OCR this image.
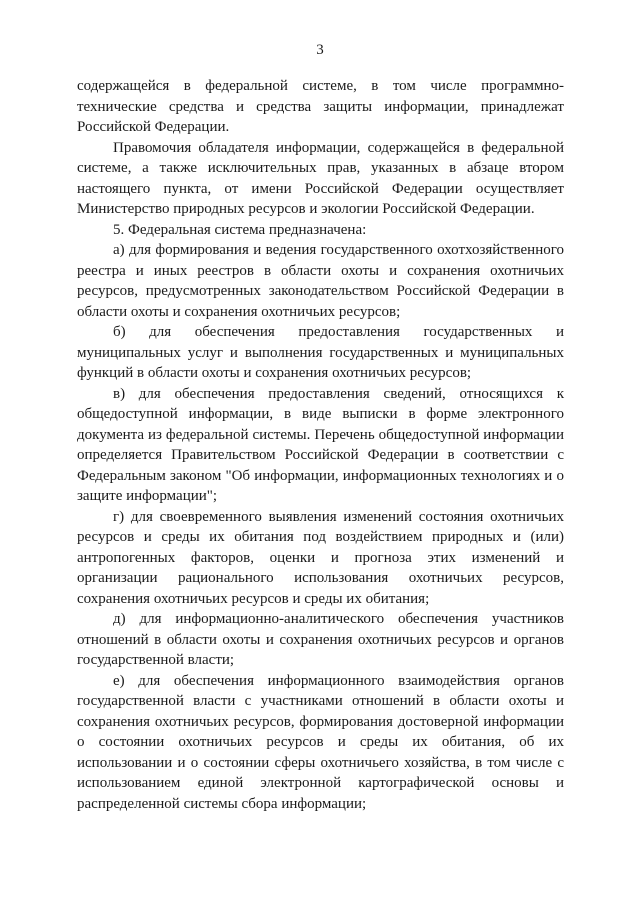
3

содержащейся в федеральной системе, в том числе программно-технические средства и средства защиты информации, принадлежат Российской Федерации.

Правомочия обладателя информации, содержащейся в федеральной системе, а также исключительных прав, указанных в абзаце втором настоящего пункта, от имени Российской Федерации осуществляет Министерство природных ресурсов и экологии Российской Федерации.

5. Федеральная система предназначена:

а) для формирования и ведения государственного охотхозяйственного реестра и иных реестров в области охоты и сохранения охотничьих ресурсов, предусмотренных законодательством Российской Федерации в области охоты и сохранения охотничьих ресурсов;

б) для обеспечения предоставления государственных и муниципальных услуг и выполнения государственных и муниципальных функций в области охоты и сохранения охотничьих ресурсов;

в) для обеспечения предоставления сведений, относящихся к общедоступной информации, в виде выписки в форме электронного документа из федеральной системы. Перечень общедоступной информации определяется Правительством Российской Федерации в соответствии с Федеральным законом "Об информации, информационных технологиях и о защите информации";

г) для своевременного выявления изменений состояния охотничьих ресурсов и среды их обитания под воздействием природных и (или) антропогенных факторов, оценки и прогноза этих изменений и организации рационального использования охотничьих ресурсов, сохранения охотничьих ресурсов и среды их обитания;

д) для информационно-аналитического обеспечения участников отношений в области охоты и сохранения охотничьих ресурсов и органов государственной власти;

е) для обеспечения информационного взаимодействия органов государственной власти с участниками отношений в области охоты и сохранения охотничьих ресурсов, формирования достоверной информации о состоянии охотничьих ресурсов и среды их обитания, об их использовании и о состоянии сферы охотничьего хозяйства, в том числе с использованием единой электронной картографической основы и распределенной системы сбора информации;
